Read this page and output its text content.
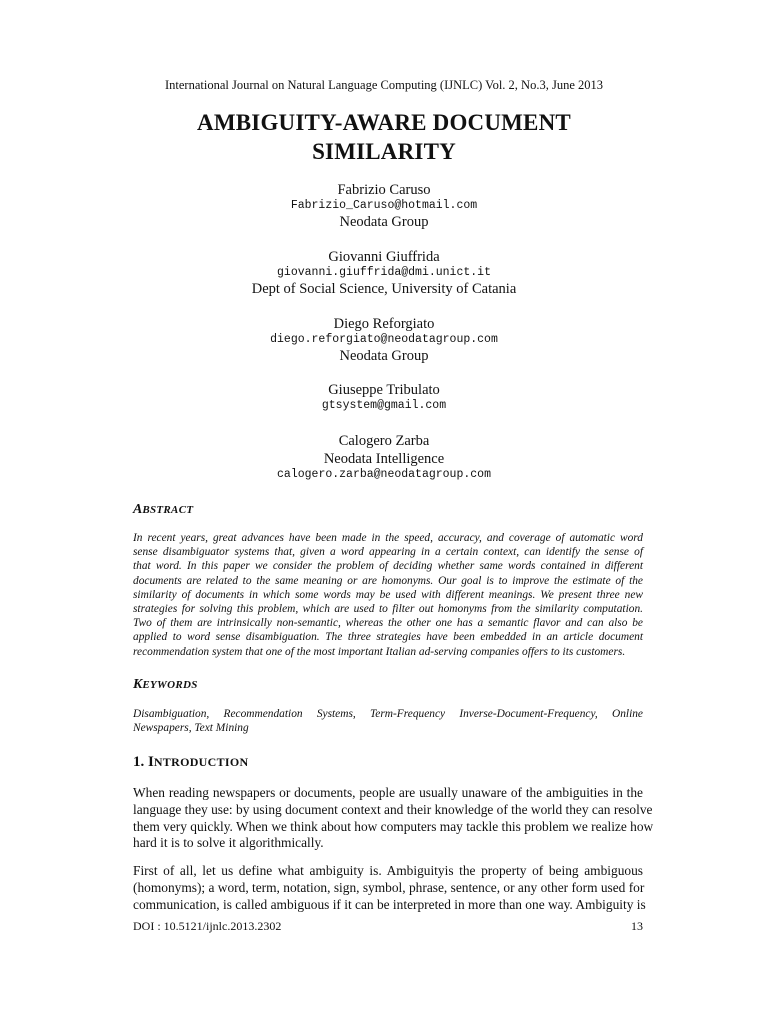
International Journal on Natural Language Computing (IJNLC) Vol. 2, No.3, June 2013
AMBIGUITY-AWARE DOCUMENT
SIMILARITY
Fabrizio Caruso
Fabrizio_Caruso@hotmail.com
Neodata Group
Giovanni Giuffrida
giovanni.giuffrida@dmi.unict.it
Dept of Social Science, University of Catania
Diego Reforgiato
diego.reforgiato@neodatagroup.com
Neodata Group
Giuseppe Tribulato
gtsystem@gmail.com
Calogero Zarba
Neodata Intelligence
calogero.zarba@neodatagroup.com
ABSTRACT
In recent years, great advances have been made in the speed, accuracy, and coverage of automatic word
sense disambiguator systems that, given a word appearing in a certain context, can identify the sense of
that word. In this paper we consider the problem of deciding whether same words contained in different
documents are related to the same meaning or are homonyms. Our goal is to improve the estimate of the
similarity of documents in which some words may be used with different meanings. We present three new
strategies for solving this problem, which are used to filter out homonyms from the similarity computation.
Two of them are intrinsically non-semantic, whereas the other one has a semantic flavor and can also be
applied to word sense disambiguation. The three strategies have been embedded in an article document
recommendation system that one of the most important Italian ad-serving companies offers to its customers.
KEYWORDS
Disambiguation, Recommendation Systems, Term-Frequency Inverse-Document-Frequency, Online
Newspapers, Text Mining
1. INTRODUCTION
When reading newspapers or documents, people are usually unaware of the ambiguities in the
language they use: by using document context and their knowledge of the world they can resolve
them very quickly. When we think about how computers may tackle this problem we realize how
hard it is to solve it algorithmically.
First of all, let us define what ambiguity is. Ambiguityis the property of being ambiguous
(homonyms); a word, term, notation, sign, symbol, phrase, sentence, or any other form used for
communication, is called ambiguous if it can be interpreted in more than one way. Ambiguity is
DOI : 10.5121/ijnlc.2013.2302	13
